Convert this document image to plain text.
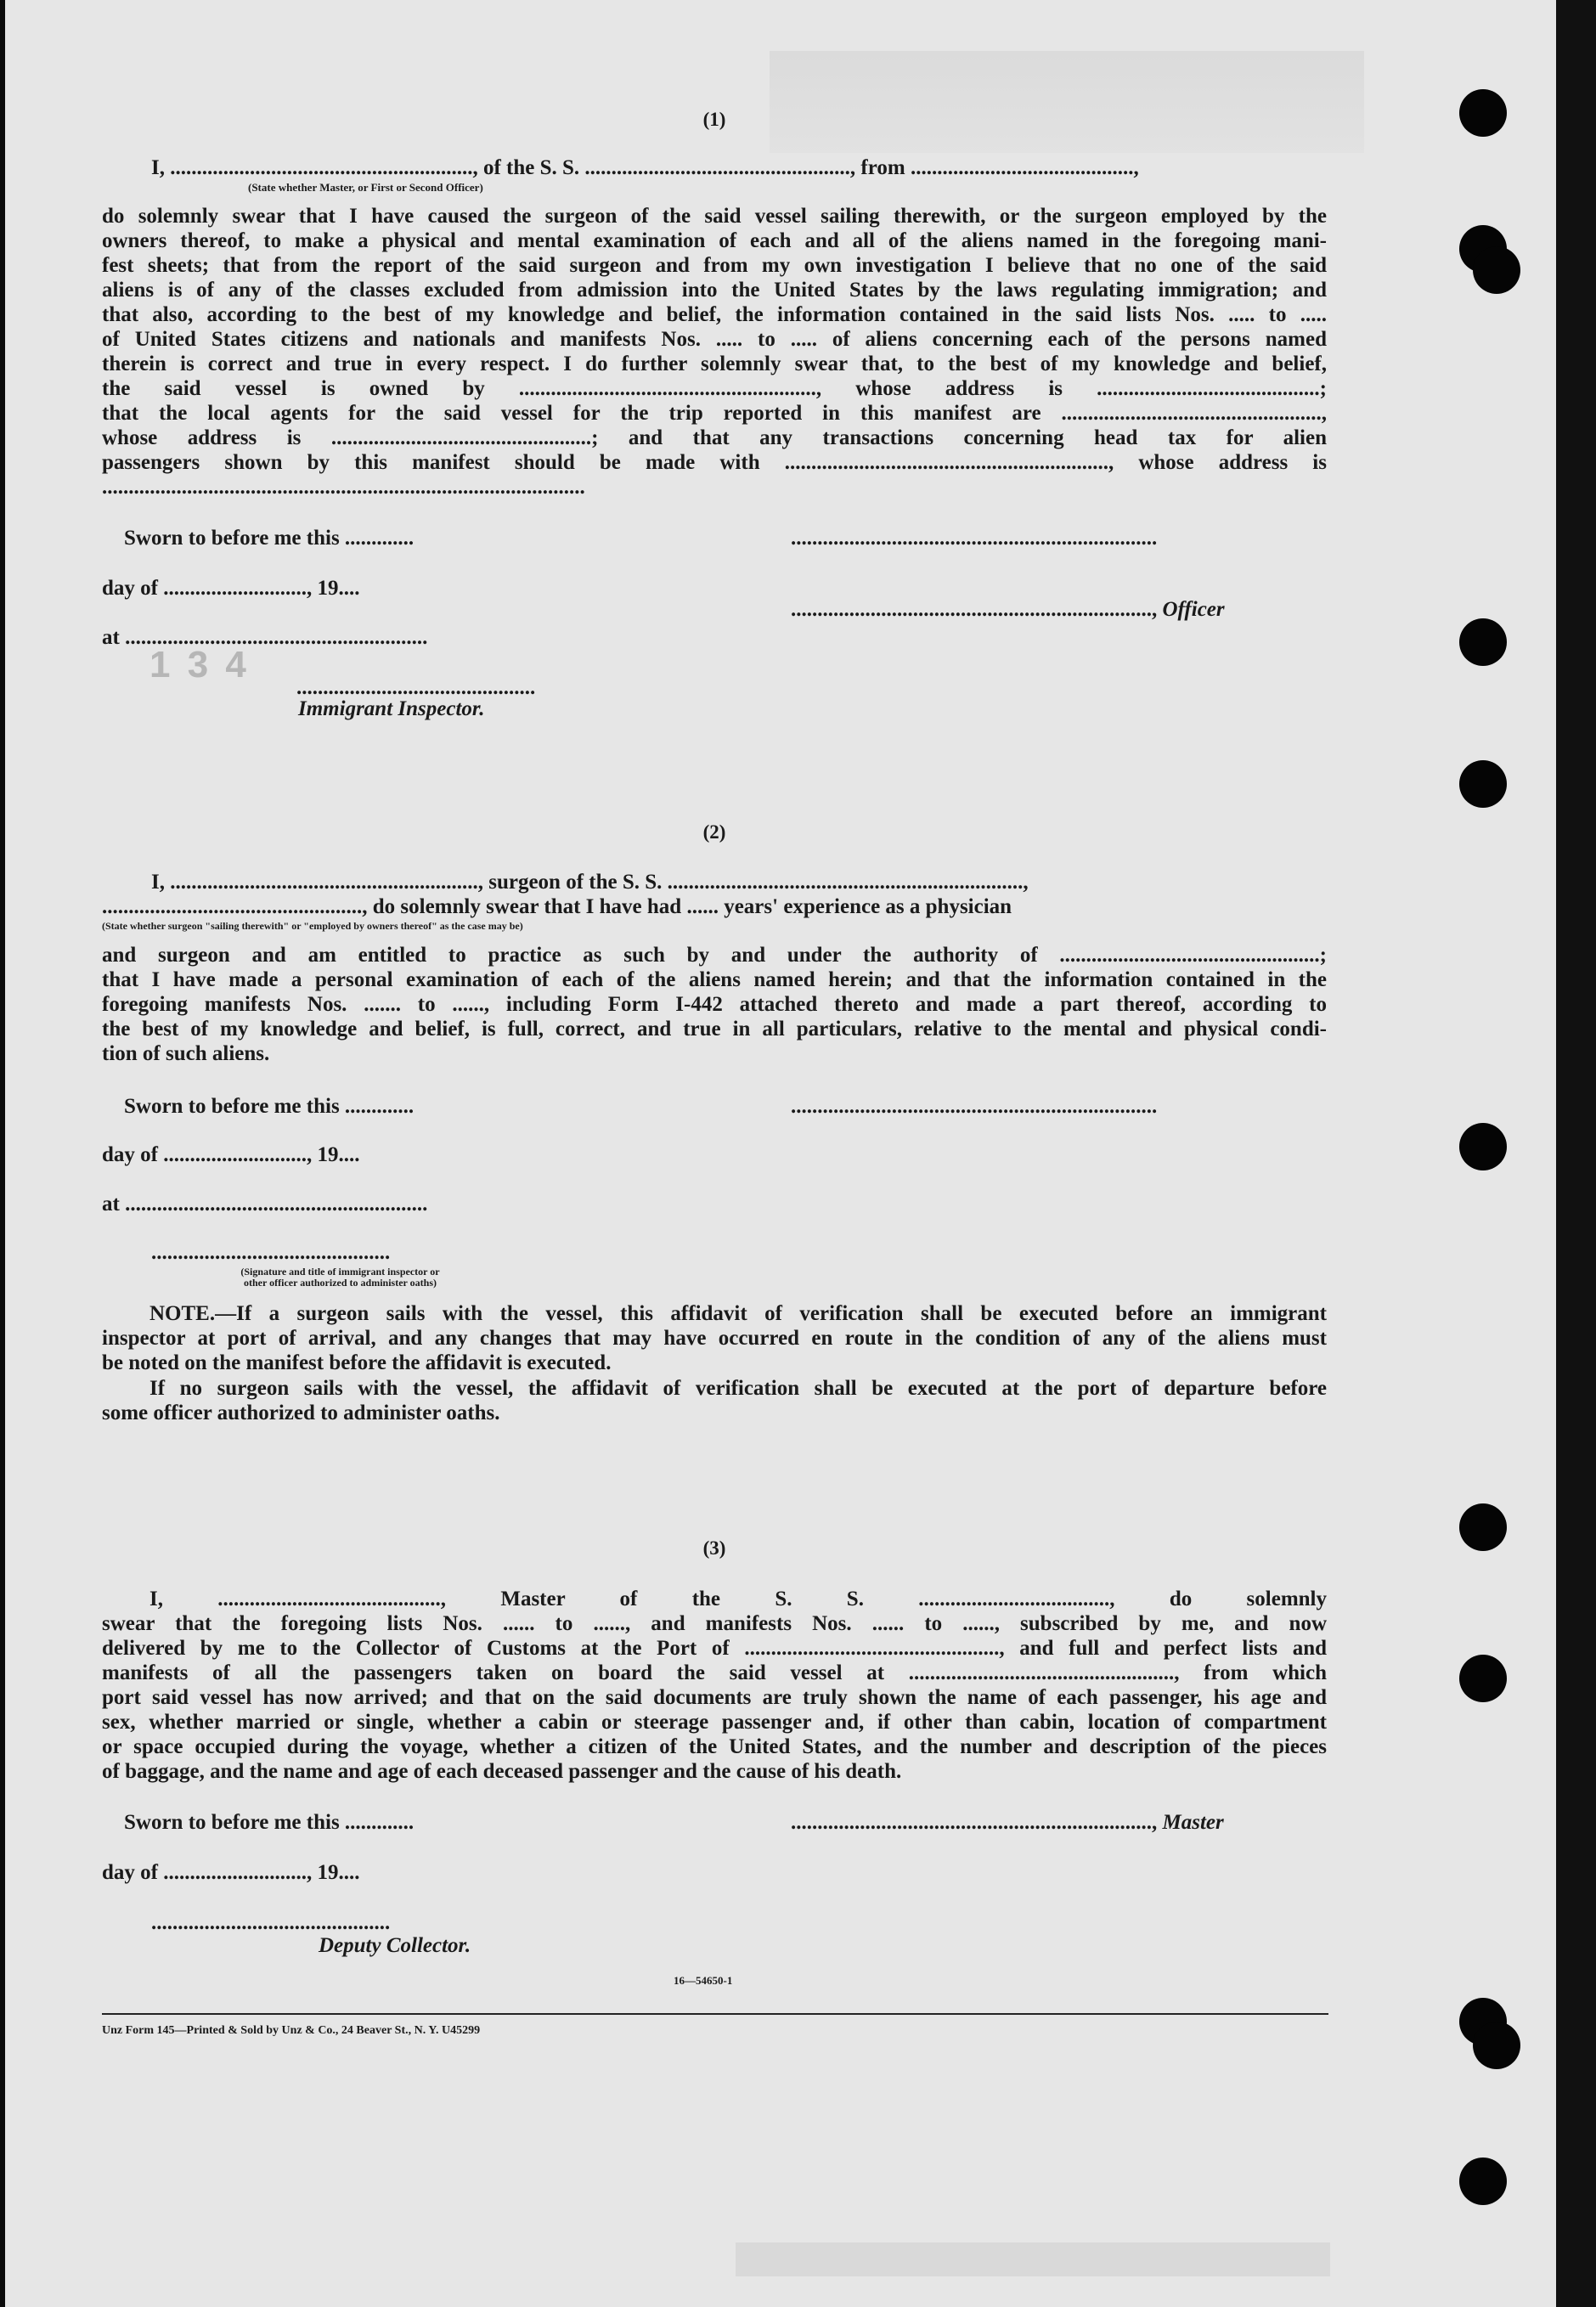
(1)
I, ........................................................., of the S. S. .................................................., from ..........................................,
(State whether Master, or First or Second Officer)
do solemnly swear that I have caused the surgeon of the said vessel sailing therewith, or the surgeon employed by the
owners thereof, to make a physical and mental examination of each and all of the aliens named in the foregoing mani-
fest sheets; that from the report of the said surgeon and from my own investigation I believe that no one of the said
aliens is of any of the classes excluded from admission into the United States by the laws regulating immigration; and
that also, according to the best of my knowledge and belief, the information contained in the said lists Nos. ..... to .....
of United States citizens and nationals and manifests Nos. ..... to ..... of aliens concerning each of the persons named
therein is correct and true in every respect. I do further solemnly swear that, to the best of my knowledge and belief,
the said vessel is owned by ........................................................, whose address is ..........................................;
that the local agents for the said vessel for the trip reported in this manifest are .................................................,
whose address is .................................................; and that any transactions concerning head tax for alien
passengers shown by this manifest should be made with ............................................................., whose address is
...........................................................................................
Sworn to before me this .............	.....................................................................
day of ..........................., 19....
...................................................................., Officer
1 3 4
at .........................................................
.............................................
Immigrant Inspector.
(2)
I, .........................................................., surgeon of the S. S. ...................................................................,
................................................., do solemnly swear that I have had ...... years' experience as a physician
(State whether surgeon "sailing therewith" or "employed by owners thereof" as the case may be)
and surgeon and am entitled to practice as such by and under the authority of .................................................;
that I have made a personal examination of each of the aliens named herein; and that the information contained in the
foregoing manifests Nos. ....... to ......, including Form I-442 attached thereto and made a part thereof, according to
the best of my knowledge and belief, is full, correct, and true in all particulars, relative to the mental and physical condi-
tion of such aliens.
Sworn to before me this .............	.....................................................................
day of ..........................., 19....
at .........................................................
.............................................
(Signature and title of immigrant inspector or
other officer authorized to administer oaths)
NOTE.—If a surgeon sails with the vessel, this affidavit of verification shall be executed before an immigrant
inspector at port of arrival, and any changes that may have occurred en route in the condition of any of the aliens must
be noted on the manifest before the affidavit is executed.
If no surgeon sails with the vessel, the affidavit of verification shall be executed at the port of departure before
some officer authorized to administer oaths.
(3)
I, .........................................., Master of the S. S. ...................................., do solemnly
swear that the foregoing lists Nos. ...... to ......, and manifests Nos. ...... to ......, subscribed by me, and now
delivered by me to the Collector of Customs at the Port of ................................................, and full and perfect lists and
manifests of all the passengers taken on board the said vessel at .................................................., from which
port said vessel has now arrived; and that on the said documents are truly shown the name of each passenger, his age and
sex, whether married or single, whether a cabin or steerage passenger and, if other than cabin, location of compartment
or space occupied during the voyage, whether a citizen of the United States, and the number and description of the pieces
of baggage, and the name and age of each deceased passenger and the cause of his death.
Sworn to before me this .............	...................................................................., Master
day of ..........................., 19....
.............................................
Deputy Collector.
16—54650-1
Unz Form 145—Printed & Sold by Unz & Co., 24 Beaver St., N. Y. U45299
